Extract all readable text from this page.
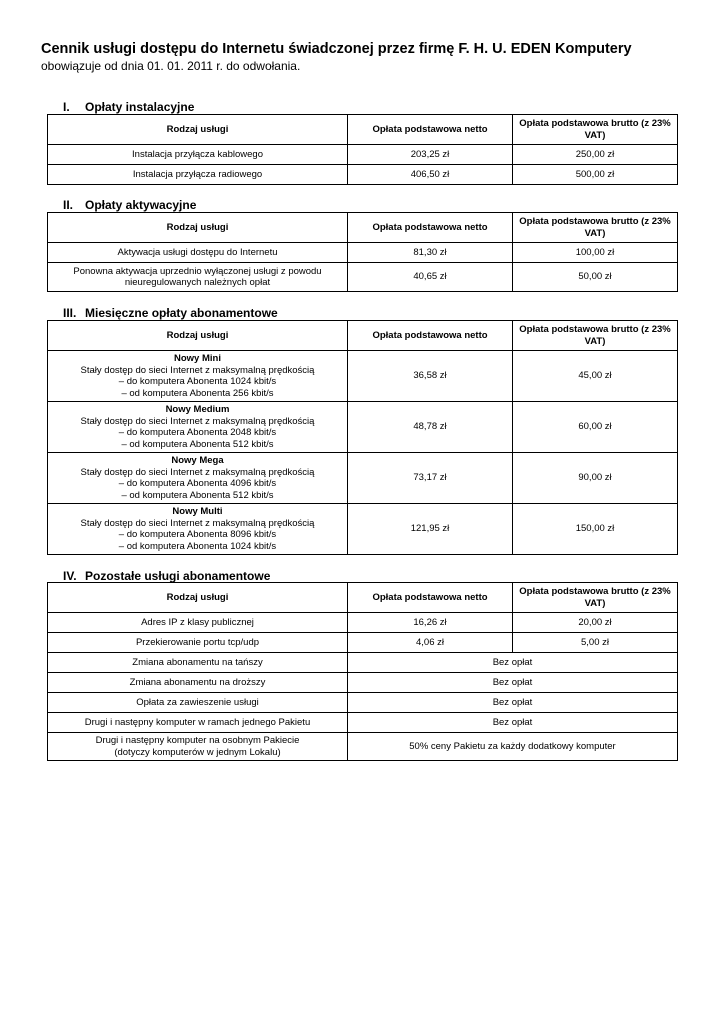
Cennik usługi dostępu do Internetu świadczonej przez firmę F. H. U. EDEN Komputery

obowiązuje od dnia 01. 01. 2011 r. do odwołania.

I. Opłaty instalacyjne
Rodzaj usługi	Opłata podstawowa netto	Opłata podstawowa brutto (z 23% VAT)
Instalacja przyłącza kablowego	203,25 zł	250,00 zł
Instalacja przyłącza radiowego	406,50 zł	500,00 zł
II. Opłaty aktywacyjne
Rodzaj usługi	Opłata podstawowa netto	Opłata podstawowa brutto (z 23% VAT)
Aktywacja usługi dostępu do Internetu	81,30 zł	100,00 zł

Ponowna aktywacja uprzednio wyłączonej usługi z powodu
nieuregulowanych należnych opłat	40,65 zł	50,00 zł
III. Miesięczne opłaty abonamentowe
Rodzaj usługi	Opłata podstawowa netto	Opłata podstawowa brutto (z 23% VAT)

Nowy Mini
Stały dostęp do sieci Internet z maksymalną prędkością
– do komputera Abonenta 1024 kbit/s
– od komputera Abonenta 256 kbit/s	36,58 zł	45,00 zł

Nowy Medium
Stały dostęp do sieci Internet z maksymalną prędkością
– do komputera Abonenta 2048 kbit/s
– od komputera Abonenta 512 kbit/s	48,78 zł	60,00 zł

Nowy Mega
Stały dostęp do sieci Internet z maksymalną prędkością
– do komputera Abonenta 4096 kbit/s
– od komputera Abonenta 512 kbit/s	73,17 zł	90,00 zł

Nowy Multi
Stały dostęp do sieci Internet z maksymalną prędkością
– do komputera Abonenta 8096 kbit/s
– od komputera Abonenta 1024 kbit/s	121,95 zł	150,00 zł
IV. Pozostałe usługi abonamentowe
Rodzaj usługi	Opłata podstawowa netto	Opłata podstawowa brutto (z 23% VAT)
Adres IP z klasy publicznej	16,26 zł	20,00 zł
Przekierowanie portu tcp/udp	4,06 zł	5,00 zł
Zmiana abonamentu na tańszy	Bez opłat	
Zmiana abonamentu na droższy	Bez opłat	
Opłata za zawieszenie usługi	Bez opłat	
Drugi i następny komputer w ramach jednego Pakietu	Bez opłat	

Drugi i następny komputer na osobnym Pakiecie
(dotyczy komputerów w jednym Lokalu)	50% ceny Pakietu za każdy dodatkowy komputer	
